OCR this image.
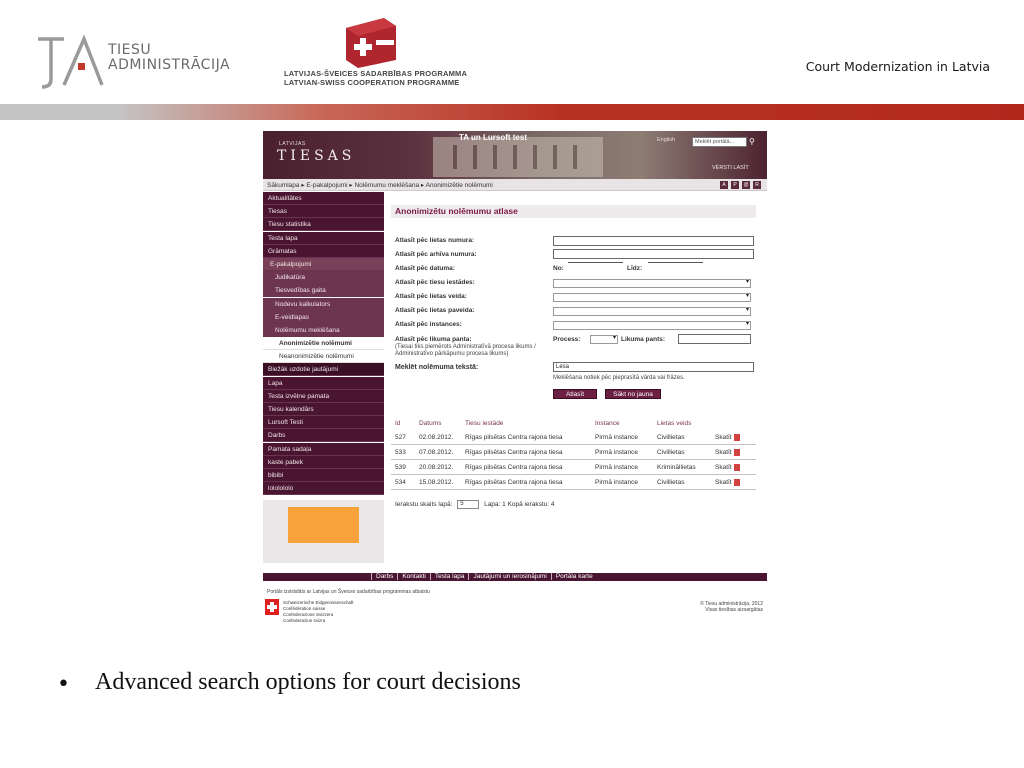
TIESU
ADMINISTRĀCIJA
LATVIJAS-ŠVEICES SADARBĪBAS PROGRAMMA
LATVIAN-SWISS COOPERATION PROGRAMME
Court Modernization in Latvia
LATVIJAS
TIESAS
TA un Lursoft test	English	Meklēt portālā...	⚲
VĒRSTI LASĪT
Sākumlapa ▸ E-pakalpojumi ▸ Nolēmumu meklēšana ▸ Anonimizētie nolēmumi	A	P	@	R
Aktualitātes
Tiesas
Tiesu statistika
Testa lapa
Grāmatas
E-pakalpojumi
Judikatūra
Tiesvedības gaita
Nodevu kalkulators
E-veidlapas
Nolēmumu meklēšana
Anonimizētie nolēmumi
Neanonimizētie nolēmumi
Biežāk uzdotie jautājumi
Lapa
Testa izvēlne pamata
Tiesu kalendārs
Lursoft Testi
Darbs
Pamata sadaļa
kaste pabek
bibibi
lololololo
Anonimizētu nolēmumu atlase
Atlasīt pēc lietas numura:
Atlasīt pēc arhīva numura:
Atlasīt pēc datuma:	No:	Līdz:
Atlasīt pēc tiesu iestādes:
▾
Atlasīt pēc lietas veida:
▾
Atlasīt pēc lietas paveida:
▾
Atlasīt pēc instances:
▾
Atlasīt pēc likuma panta:
(Tiesai tiks piemērots Administratīvā procesa likums / Administratīvo pārkāpumu procesa likums)
Process:
▾	Likuma pants:
Meklēt nolēmuma tekstā:	Lesa
Meklēšana notiek pēc pieprasītā vārda vai frāzes.
Atlasīt	Sākt no jauna
Id	Datums	Tiesu iestāde	Instance	Lietas veids
527	02.08.2012.	Rīgas pilsētas Centra rajona tiesa	Pirmā instance	Civillietas	Skatīt
533	07.08.2012.	Rīgas pilsētas Centra rajona tiesa	Pirmā instance	Civillietas	Skatīt
539	20.08.2012.	Rīgas pilsētas Centra rajona tiesa	Pirmā instance	Krimināllietas	Skatīt
534	15.08.2012.	Rīgas pilsētas Centra rajona tiesa	Pirmā instance	Civillietas	Skatīt
Ierakstu skaits lapā: 5	Lapa: 1 Kopā ierakstu: 4
Darbs Kontakti Testa lapa Jautājumi un ierosinājumi Portāla karte
Portāls izstrādāts ar Latvijas un Šveices sadarbības programmas atbalstu
Schweizerische Eidgenossenschaft
Confédération suisse
Confederazione Svizzera
Confederaziun svizra
© Tiesu administrācija, 2012
Visas tiesības aizsargātas
• Advanced search options for court decisions
